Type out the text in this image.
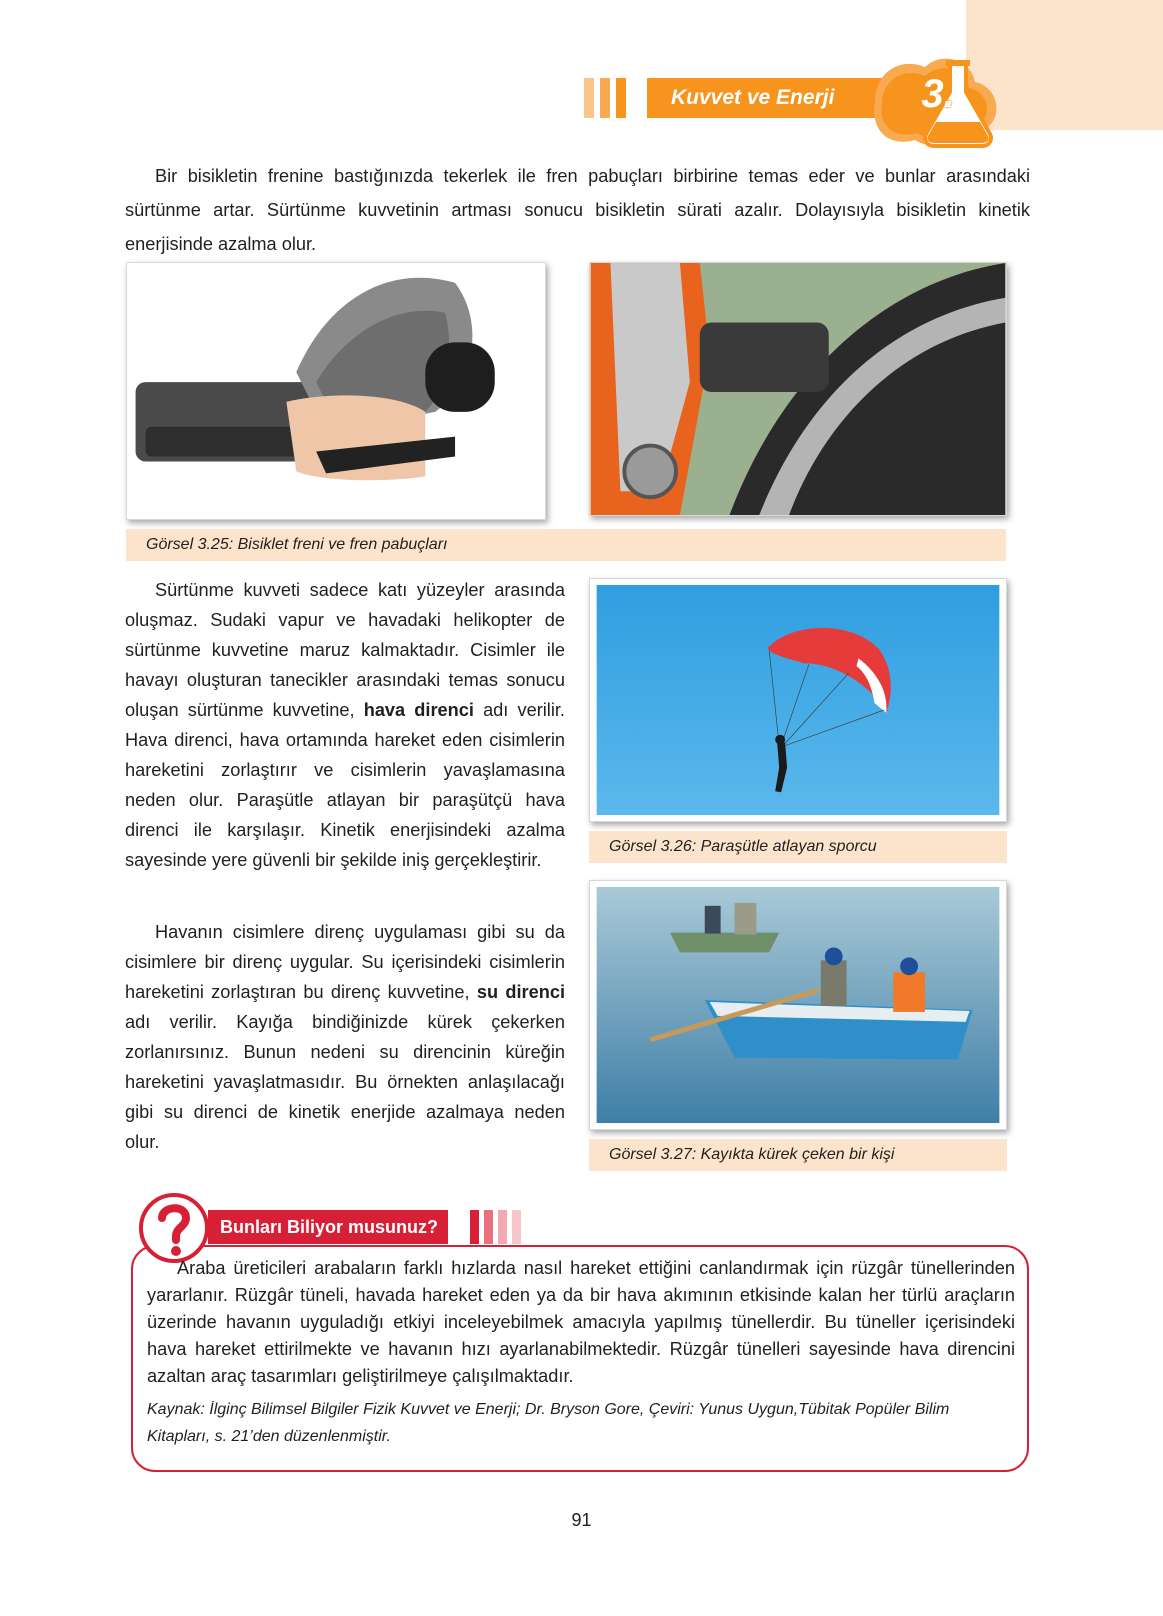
Kuvvet ve Enerji	3.
Bir bisikletin frenine bastığınızda tekerlek ile fren pabuçları birbirine temas eder ve bunlar arasındaki sürtünme artar. Sürtünme kuvvetinin artması sonucu bisikletin sürati azalır. Dolayısıyla bisikletin kinetik enerjisinde azalma olur.
Görsel 3.25: Bisiklet freni ve fren pabuçları
Sürtünme kuvveti sadece katı yüzeyler arasında oluşmaz. Sudaki vapur ve havadaki helikopter de sürtünme kuvvetine maruz kalmaktadır. Cisimler ile havayı oluşturan tanecikler arasındaki temas sonucu oluşan sürtünme kuvvetine, hava direnci adı verilir. Hava direnci, hava ortamında hareket eden cisimlerin hareketini zorlaştırır ve cisimlerin yavaşlamasına neden olur. Paraşütle atlayan bir paraşütçü hava direnci ile karşılaşır. Kinetik enerjisindeki azalma sayesinde yere güvenli bir şekilde iniş gerçekleştirir.
Görsel 3.26: Paraşütle atlayan sporcu
Havanın cisimlere direnç uygulaması gibi su da cisimlere bir direnç uygular. Su içerisindeki cisimlerin hareketini zorlaştıran bu direnç kuvvetine, su direnci adı verilir. Kayığa bindiğinizde kürek çekerken zorlanırsınız. Bunun nedeni su direncinin küreğin hareketini yavaşlatmasıdır. Bu örnekten anlaşılacağı gibi su direnci de kinetik enerjide azalmaya neden olur.
Görsel 3.27: Kayıkta kürek çeken bir kişi
Bunları Biliyor musunuz?
Araba üreticileri arabaların farklı hızlarda nasıl hareket ettiğini canlandırmak için rüzgâr tünellerinden yararlanır. Rüzgâr tüneli, havada hareket eden ya da bir hava akımının etkisinde kalan her türlü araçların üzerinde havanın uyguladığı etkiyi inceleyebilmek amacıyla yapılmış tünellerdir. Bu tüneller içerisindeki hava hareket ettirilmekte ve havanın hızı ayarlanabilmektedir. Rüzgâr tünelleri sayesinde hava direncini azaltan araç tasarımları geliştirilmeye çalışılmaktadır.
Kaynak: İlginç Bilimsel Bilgiler Fizik Kuvvet ve Enerji; Dr. Bryson Gore, Çeviri: Yunus Uygun,Tübitak Popüler Bilim Kitapları, s. 21’den düzenlenmiştir.
91
